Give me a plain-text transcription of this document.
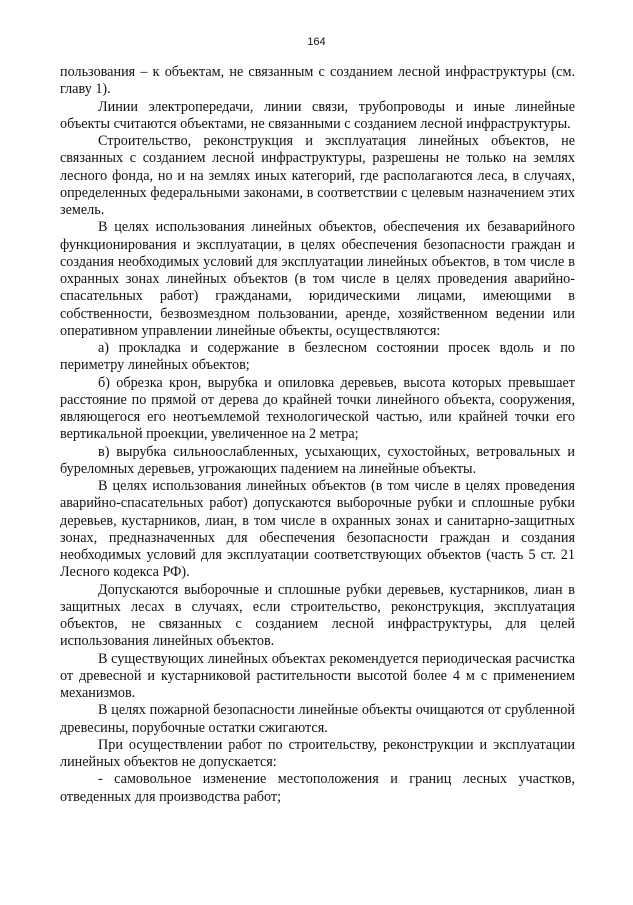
164

пользования – к объектам, не связанным с созданием лесной инфраструктуры (см. главу 1).

Линии электропередачи, линии связи, трубопроводы и иные линейные объекты считаются объектами, не связанными с созданием лесной инфраструктуры.

Строительство, реконструкция и эксплуатация линейных объектов, не связанных с созданием лесной инфраструктуры, разрешены не только на землях лесного фонда, но и на землях иных категорий, где располагаются леса, в случаях, определенных федеральными законами, в соответствии с целевым назначением этих земель.

В целях использования линейных объектов, обеспечения их безаварийного функционирования и эксплуатации, в целях обеспечения безопасности граждан и создания необходимых условий для эксплуатации линейных объектов, в том числе в охранных зонах линейных объектов (в том числе в целях проведения аварийно-спасательных работ) гражданами, юридическими лицами, имеющими в собственности, безвозмездном пользовании, аренде, хозяйственном ведении или оперативном управлении линейные объекты, осуществляются:

а) прокладка и содержание в безлесном состоянии просек вдоль и по периметру линейных объектов;

б) обрезка крон, вырубка и опиловка деревьев, высота которых превышает расстояние по прямой от дерева до крайней точки линейного объекта, сооружения, являющегося его неотъемлемой технологической частью, или крайней точки его вертикальной проекции, увеличенное на 2 метра;

в) вырубка сильноослабленных, усыхающих, сухостойных, ветровальных и буреломных деревьев, угрожающих падением на линейные объекты.

В целях использования линейных объектов (в том числе в целях проведения аварийно-спасательных работ) допускаются выборочные рубки и сплошные рубки деревьев, кустарников, лиан, в том числе в охранных зонах и санитарно-защитных зонах, предназначенных для обеспечения безопасности граждан и создания необходимых условий для эксплуатации соответствующих объектов (часть 5 ст. 21 Лесного кодекса РФ).

Допускаются выборочные и сплошные рубки деревьев, кустарников, лиан в защитных лесах в случаях, если строительство, реконструкция, эксплуатация объектов, не связанных с созданием лесной инфраструктуры, для целей использования линейных объектов.

В существующих линейных объектах рекомендуется периодическая расчистка от древесной и кустарниковой растительности высотой более 4 м с применением механизмов.

В целях пожарной безопасности линейные объекты очищаются от срубленной древесины, порубочные остатки сжигаются.

При осуществлении работ по строительству, реконструкции и эксплуатации линейных объектов не допускается:

- самовольное изменение местоположения и границ лесных участков, отведенных для производства работ;
